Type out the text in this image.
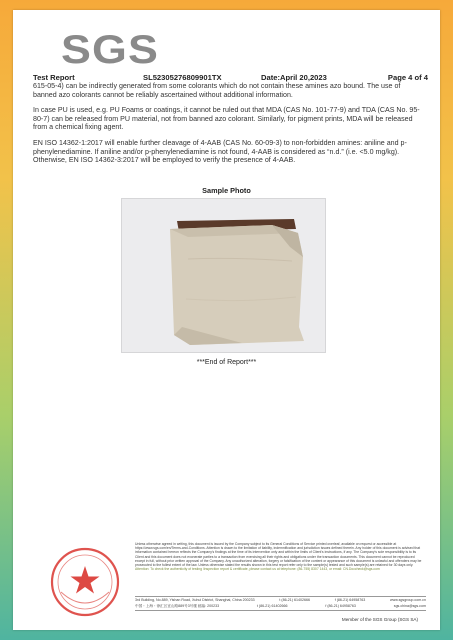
SGS
Test Report	SL52305276809901TX	Date:April 20,2023	Page 4 of 4

615-05-4) can be indirectly generated from some colorants which do not contain these amines azo bound. The use of banned azo colorants cannot be reliably ascertained without additional information.

In case PU is used, e.g. PU Foams or coatings, it cannot be ruled out that MDA (CAS No. 101-77-9) and TDA (CAS No. 95-80-7) can be released from PU material, not from banned azo colorant. Similarly, for pigment prints, MDA will be released from a chemical fixing agent.

EN ISO 14362-1:2017 will enable further cleavage of 4-AAB (CAS No. 60-09-3) to non-forbidden amines: aniline and p-phenylenediamine. If aniline and/or p-phenylenediamine is not found, 4-AAB is considered as “n.d.” (i.e. <5.0 mg/kg). Otherwise, EN ISO 14362-3:2017 will be employed to verify the presence of 4-AAB.

Sample Photo
***End of Report***
Unless otherwise agreed in writing, this document is issued by the Company subject to its General Conditions of Service printed overleaf, available on request or accessible at https://www.sgs.com/en/Terms-and-Conditions. Attention is drawn to the limitation of liability, indemnification and jurisdiction issues defined therein. Any holder of this document is advised that information contained hereon reflects the Company's findings at the time of its intervention only and within the limits of Client's instructions, if any. The Company's sole responsibility is to its Client and this document does not exonerate parties to a transaction from exercising all their rights and obligations under the transaction documents. This document cannot be reproduced except in full, without prior written approval of the Company. Any unauthorized alteration, forgery or falsification of the content or appearance of this document is unlawful and offenders may be prosecuted to the fullest extent of the law. Unless otherwise stated the results shown in this test report refer only to the sample(s) tested and such sample(s) are retained for 30 days only. Attention: To check the authenticity of testing /inspection report & certificate, please contact us at telephone: (86-755) 8307 1443, or email: CN.Doccheck@sgs.com
3rd Building, No.889, Yishan Road, Xuhui District, Shanghai, China 200233	t (86-21) 61402666	f (86-21) 64958763	www.sgsgroup.com.cn
中国・上海・徐汇区宜山路889号3号楼 邮编: 200233	t (86-21) 61402666	f (86-21) 64958763	sgs.china@sgs.com
Member of the SGS Group (SGS SA)
